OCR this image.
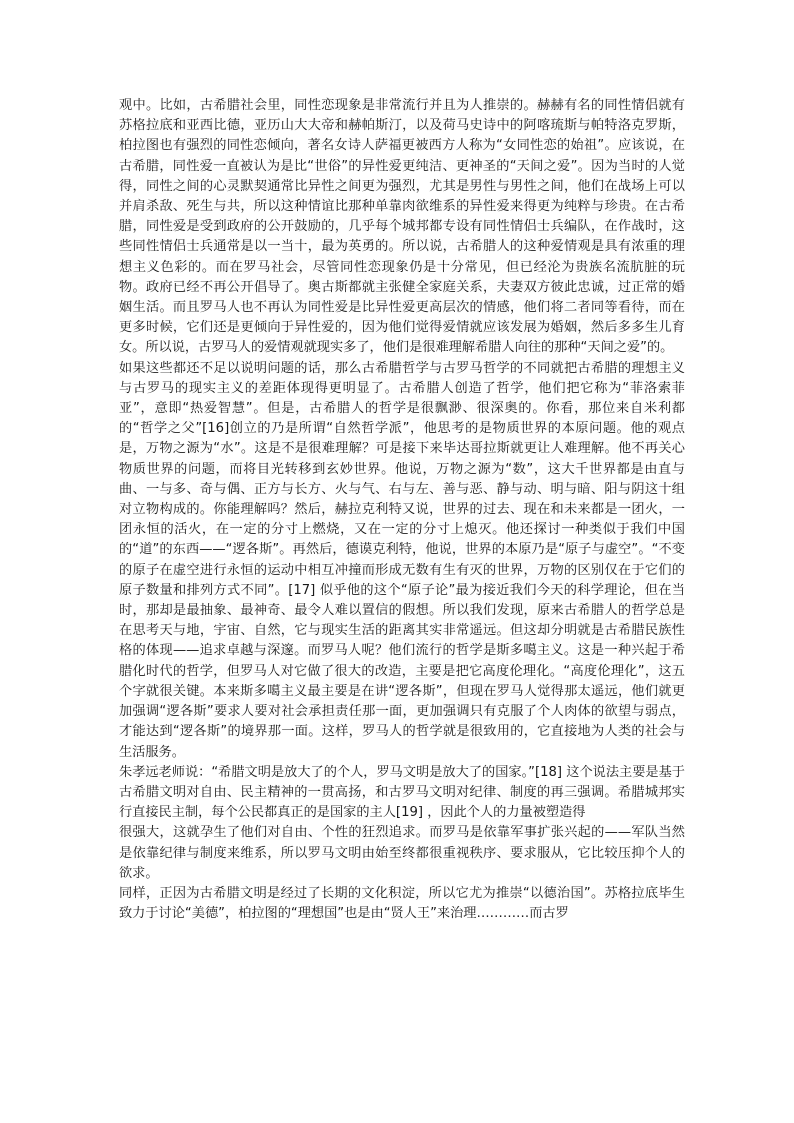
观中。比如，古希腊社会里，同性恋现象是非常流行并且为人推崇的。赫赫有名的同性情侣就有苏格拉底和亚西比德，亚历山大大帝和赫帕斯汀，以及荷马史诗中的阿喀琉斯与帕特洛克罗斯，柏拉图也有强烈的同性恋倾向，著名女诗人萨福更被西方人称为“女同性恋的始祖”。应该说，在古希腊，同性爱一直被认为是比“世俗”的异性爱更纯洁、更神圣的“天间之爱”。因为当时的人觉得，同性之间的心灵默契通常比异性之间更为强烈，尤其是男性与男性之间，他们在战场上可以并肩杀敌、死生与共，所以这种情谊比那种单靠肉欲维系的异性爱来得更为纯粹与珍贵。在古希腊，同性爱是受到政府的公开鼓励的，几乎每个城邦都专设有同性情侣士兵编队，在作战时，这些同性情侣士兵通常是以一当十，最为英勇的。所以说，古希腊人的这种爱情观是具有浓重的理想主义色彩的。而在罗马社会，尽管同性恋现象仍是十分常见，但已经沦为贵族名流肮脏的玩物。政府已经不再公开倡导了。奥古斯都就主张健全家庭关系，夫妻双方彼此忠诚，过正常的婚姻生活。而且罗马人也不再认为同性爱是比异性爱更高层次的情感，他们将二者同等看待，而在更多时候，它们还是更倾向于异性爱的，因为他们觉得爱情就应该发展为婚姻，然后多多生儿育女。所以说，古罗马人的爱情观就现实多了，他们是很难理解希腊人向往的那种“天间之爱”的。

如果这些都还不足以说明问题的话，那么古希腊哲学与古罗马哲学的不同就把古希腊的理想主义与古罗马的现实主义的差距体现得更明显了。古希腊人创造了哲学，他们把它称为“菲洛索菲亚”，意即“热爱智慧”。但是，古希腊人的哲学是很飘渺、很深奥的。你看，那位来自米利都的“哲学之父”[16]创立的乃是所谓“自然哲学派”，他思考的是物质世界的本原问题。他的观点是，万物之源为“水”。这是不是很难理解？可是接下来毕达哥拉斯就更让人难理解。他不再关心物质世界的问题，而将目光转移到玄妙世界。他说，万物之源为“数”，这大千世界都是由直与曲、一与多、奇与偶、正方与长方、火与气、右与左、善与恶、静与动、明与暗、阳与阴这十组对立物构成的。你能理解吗？然后，赫拉克利特又说，世界的过去、现在和未来都是一团火，一团永恒的活火，在一定的分寸上燃烧，又在一定的分寸上熄灭。他还探讨一种类似于我们中国的“道”的东西——“逻各斯”。再然后，德谟克利特，他说，世界的本原乃是“原子与虚空”。“不变的原子在虚空进行永恒的运动中相互冲撞而形成无数有生有灭的世界，万物的区别仅在于它们的原子数量和排列方式不同”。[17] 似乎他的这个“原子论”最为接近我们今天的科学理论，但在当时，那却是最抽象、最神奇、最令人难以置信的假想。所以我们发现，原来古希腊人的哲学总是在思考天与地，宇宙、自然，它与现实生活的距离其实非常遥远。但这却分明就是古希腊民族性格的体现——追求卓越与深邃。而罗马人呢？他们流行的哲学是斯多噶主义。这是一种兴起于希腊化时代的哲学，但罗马人对它做了很大的改造，主要是把它高度伦理化。“高度伦理化”，这五个字就很关键。本来斯多噶主义最主要是在讲“逻各斯”，但现在罗马人觉得那太遥远，他们就更加强调“逻各斯”要求人要对社会承担责任那一面，更加强调只有克服了个人肉体的欲望与弱点，才能达到“逻各斯”的境界那一面。这样，罗马人的哲学就是很致用的，它直接地为人类的社会与生活服务。

朱孝远老师说：“希腊文明是放大了的个人，罗马文明是放大了的国家。”[18] 这个说法主要是基于古希腊文明对自由、民主精神的一贯高扬，和古罗马文明对纪律、制度的再三强调。希腊城邦实行直接民主制，每个公民都真正的是国家的主人[19] ，因此个人的力量被塑造得

很强大，这就孕生了他们对自由、个性的狂烈追求。而罗马是依靠军事扩张兴起的——军队当然是依靠纪律与制度来维系，所以罗马文明由始至终都很重视秩序、要求服从，它比较压抑个人的欲求。

同样，正因为古希腊文明是经过了长期的文化积淀，所以它尤为推崇“以德治国”。苏格拉底毕生致力于讨论“美德”，柏拉图的“理想国”也是由“贤人王”来治理…………而古罗
